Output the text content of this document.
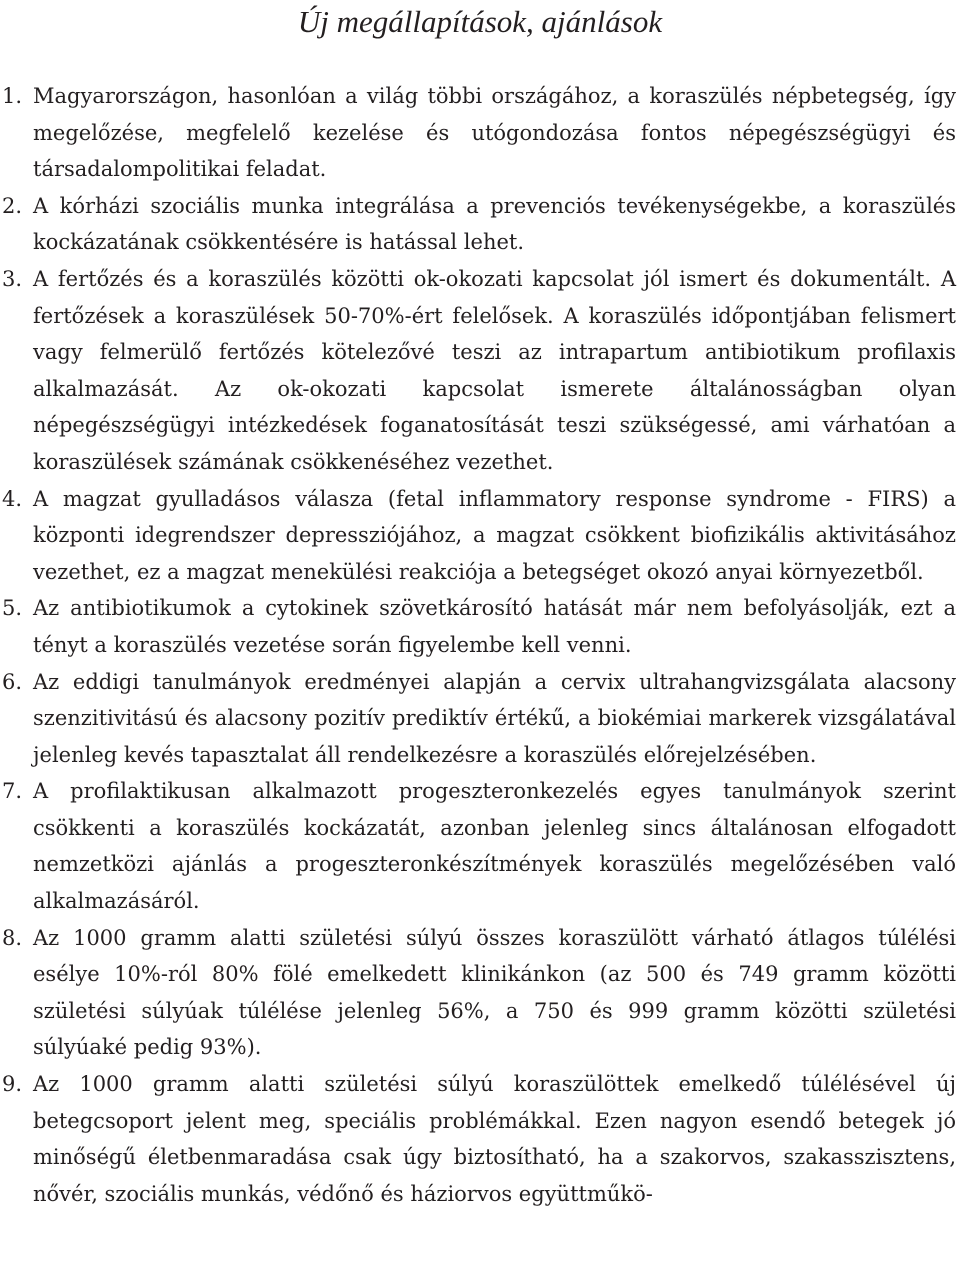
Új megállapítások, ajánlások
1. Magyarországon, hasonlóan a világ többi országához, a koraszülés népbetegség, így megelőzése, megfelelő kezelése és utógondozása fontos népegészségügyi és társadalompolitikai feladat.
2. A kórházi szociális munka integrálása a prevenciós tevékenységekbe, a koraszülés kockázatának csökkentésére is hatással lehet.
3. A fertőzés és a koraszülés közötti ok-okozati kapcsolat jól ismert és dokumentált. A fertőzések a koraszülések 50-70%-ért felelősek. A koraszülés időpontjában felismert vagy felmerülő fertőzés kötelezővé teszi az intrapartum antibiotikum profilaxis alkalmazását. Az ok-okozati kapcsolat ismerete általánosságban olyan népegészségügyi intézkedések foganatosítását teszi szükségessé, ami várhatóan a koraszülések számának csökkenéséhez vezethet.
4. A magzat gyulladásos válasza (fetal inflammatory response syndrome - FIRS) a központi idegrendszer depressziójához, a magzat csökkent biofizikális aktivitásához vezethet, ez a magzat menekülési reakciója a betegséget okozó anyai környezetből.
5. Az antibiotikumok a cytokinek szövetkárosító hatását már nem befolyásolják, ezt a tényt a koraszülés vezetése során figyelembe kell venni.
6. Az eddigi tanulmányok eredményei alapján a cervix ultrahangvizsgálata alacsony szenzitivitású és alacsony pozitív prediktív értékű, a biokémiai markerek vizsgálatával jelenleg kevés tapasztalat áll rendelkezésre a koraszülés előrejelzésében.
7. A profilaktikusan alkalmazott progeszteronkezelés egyes tanulmányok szerint csökkenti a koraszülés kockázatát, azonban jelenleg sincs általánosan elfogadott nemzetközi ajánlás a progeszteronkészítmények koraszülés megelőzésében való alkalmazásáról.
8. Az 1000 gramm alatti születési súlyú összes koraszülött várható átlagos túlélési esélye 10%-ról 80% fölé emelkedett klinikánkon (az 500 és 749 gramm közötti születési súlyúak túlélése jelenleg 56%, a 750 és 999 gramm közötti születési súlyúaké pedig 93%).
9. Az 1000 gramm alatti születési súlyú koraszülöttek emelkedő túlélésével új betegcsoport jelent meg, speciális problémákkal. Ezen nagyon esendő betegek jó minőségű életbenmaradása csak úgy biztosítható, ha a szakorvos, szakasszisztens, nővér, szociális munkás, védőnő és háziorvos együttműkö-
